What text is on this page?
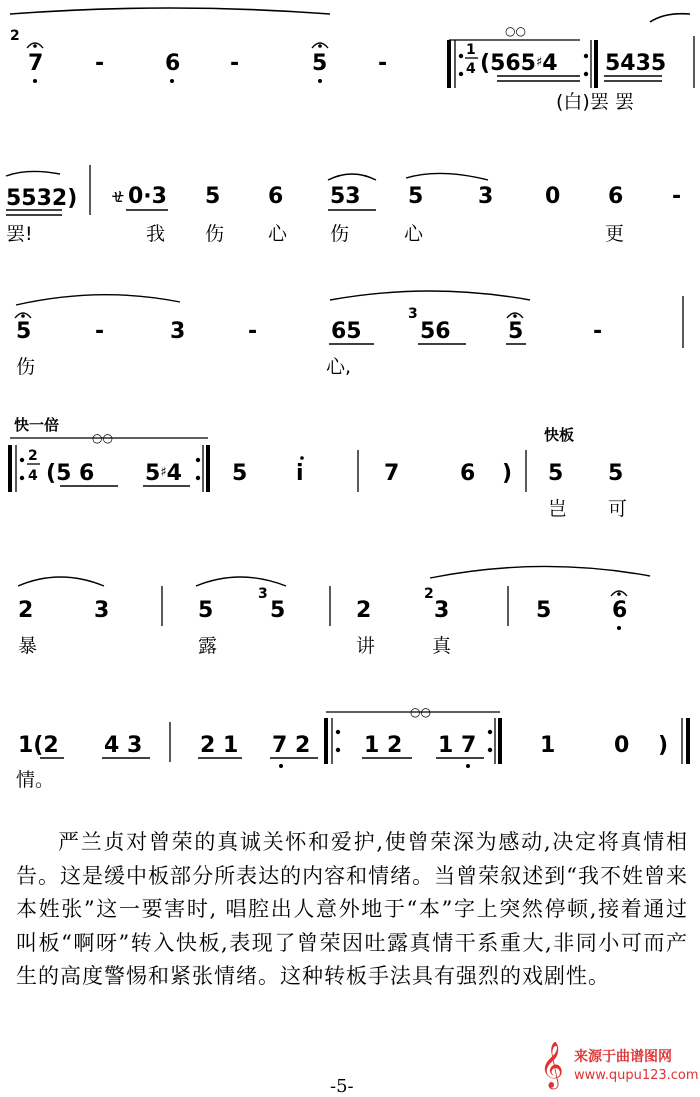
2
7 -	6 -	5 -
○○
1
4 (565♯4 5435
(白)罢 罢
5532) ㄝ 0·3 5 6 53 5 3 0 6 -
罢!	我 伤 心 伤	心	更
5	-	3	-	65
3
56	5	-
伤	心,
快一倍
快板
○○
2
4 (5 6 5♯4 5 i	7	6 ) 5 5
岂 可
2	3	5
3
5	2
2
3	5	6
暴	露	讲	真
1(2 4 3	2 1 7 2
○○
1 2 1 7	1	0 )
情。

严兰贞对曾荣的真诚关怀和爱护,使曾荣深为感动,决定将真情相告。这是缓中板部分所表达的内容和情绪。当曾荣叙述到“我不姓曾来本姓张”这一要害时, 唱腔出人意外地于“本”字上突然停顿,接着通过叫板“啊呀”转入快板,表现了曾荣因吐露真情干系重大,非同小可而产生的高度警惕和紧张情绪。这种转板手法具有强烈的戏剧性。

-5-	𝄞 来源于曲谱图网
www.qupu123.com
